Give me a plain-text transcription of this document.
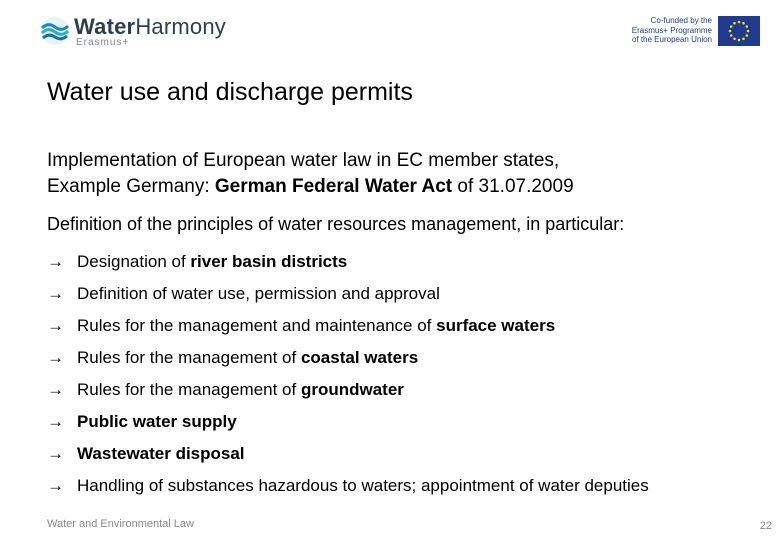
WaterHarmony
Erasmus+
Co-funded by the
Erasmus+ Programme
of the European Union
Water use and discharge permits
Implementation of European water law in EC member states,
Example Germany: German Federal Water Act of 31.07.2009
Definition of the principles of water resources management, in particular:
→ Designation of river basin districts
→ Definition of water use, permission and approval
→ Rules for the management and maintenance of surface waters
→ Rules for the management of coastal waters
→ Rules for the management of groundwater
→ Public water supply
→ Wastewater disposal
→ Handling of substances hazardous to waters; appointment of water deputies
Water and Environmental Law	22
